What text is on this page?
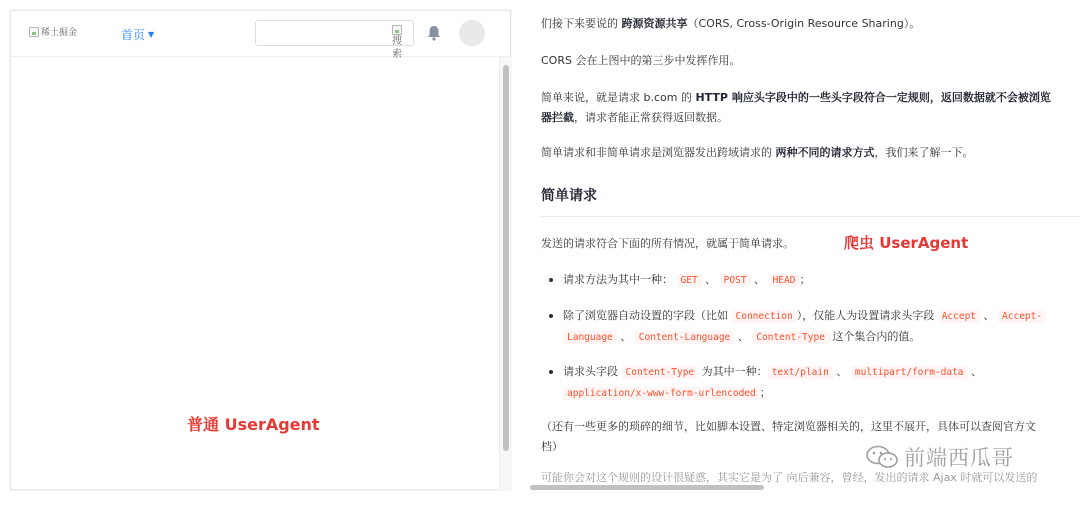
稀土掘金	首页 ▼
搜索
普通 UserAgent

们接下来要说的 跨源资源共享（CORS, Cross-Origin Resource Sharing）。

CORS 会在上图中的第三步中发挥作用。

简单来说，就是请求 b.com 的 HTTP 响应头字段中的一些头字段符合一定规则，返回数据就不会被浏览
器拦截，请求者能正常获得返回数据。

简单请求和非简单请求是浏览器发出跨域请求的 两种不同的请求方式，我们来了解一下。

简单请求

发送的请求符合下面的所有情况，就属于简单请求。

请求方法为其中一种： GET 、 POST 、 HEAD ；
除了浏览器自动设置的字段（比如 Connection ），仅能人为设置请求头字段 Accept 、 Accept-
Language 、 Content-Language 、 Content-Type 这个集合内的值。
请求头字段 Content-Type 为其中一种： text/plain 、 multipart/form-data 、
application/x-www-form-urlencoded ；

（还有一些更多的琐碎的细节，比如脚本设置、特定浏览器相关的，这里不展开，具体可以查阅官方文
档）

可能你会对这个规则的设计很疑惑，其实它是为了 向后兼容，曾经，发出的请求 Ajax 时就可以发送的
爬虫 UserAgent
前端西瓜哥
